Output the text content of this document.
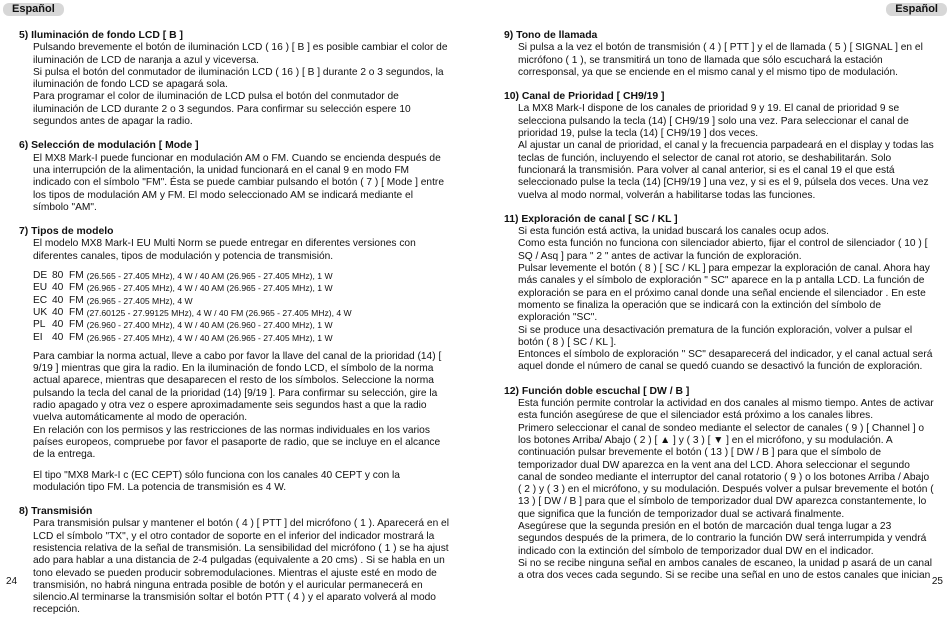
Español
5) Iluminación de fondo LCD [ B ]

Pulsando brevemente el botón de iluminación LCD ( 16 ) [ B ] es posible cambiar el color de iluminación de LCD de naranja a azul y viceversa.

Si pulsa el botón del conmutador de iluminación LCD ( 16 ) [ B ] durante 2 o 3 segundos, la iluminación de fondo LCD se apagará sola.

Para programar el color de iluminación de LCD pulsa el botón del conmutador de iluminación de LCD durante 2 o 3 segundos. Para confirmar su selección espere 10 segundos antes de apagar la radio.

6) Selección de modulación [ Mode ]

El MX8 Mark-I puede funcionar en modulación AM o FM. Cuando se encienda después de una interrupción de la alimentación, la unidad funcionará en el canal 9 en modo FM indicado con el símbolo "FM". Ésta se puede cambiar pulsando el botón ( 7 ) [ Mode ] entre los tipos de modulación AM y FM. El modo seleccionado AM se indicará mediante el símbolo "AM".

7) Tipos de modelo

El modelo MX8 Mark-I EU Multi Norm se puede entregar en diferentes versiones con diferentes canales, tipos de modulación y potencia de transmisión.

DE 80
FM
(26.565 - 27.405 MHz), 4 W / 40 AM (26.965 - 27.405 MHz), 1 W
EU 40
FM
(26.965 - 27.405 MHz), 4 W / 40 AM (26.965 - 27.405 MHz), 1 W
EC 40
FM
(26.965 - 27.405 MHz), 4 W
UK 40
FM
(27.60125 - 27.99125 MHz), 4 W / 40 FM (26.965 - 27.405 MHz), 4 W
PL 40
FM
(26.960 - 27.400 MHz), 4 W / 40 AM (26.960 - 27.400 MHz), 1 W
EI 40
FM
(26.965 - 27.405 MHz), 4 W / 40 AM (26.965 - 27.405 MHz), 1 W

Para cambiar la norma actual, lleve a cabo por favor la llave del canal de la prioridad (14) [ 9/19 ] mientras que gira la radio. En la iluminación de fondo LCD, el símbolo de la norma actual aparece, mientras que desaparecen el resto de los símbolos. Seleccione la norma pulsando la tecla del canal de la prioridad (14) [9/19 ]. Para confirmar su selección, gire la radio apagado y otra vez o espere aproximadamente seis segundos hast a que la radio vuelva automáticamente al modo de operación.

En relación con los permisos y las restricciones de las normas individuales en los varios países europeos, compruebe por favor el pasaporte de radio, que se incluye en el alcance de la entrega.

El tipo "MX8 Mark-I c (EC CEPT) sólo funciona con los canales 40 CEPT y con la modulación tipo FM. La potencia de transmisión es 4 W.

8) Transmisión

Para transmisión pulsar y mantener el botón ( 4 ) [ PTT ] del micrófono ( 1 ). Aparecerá en el LCD el símbolo "TX", y el otro contador de soporte en el inferior del indicador mostrará la resistencia relativa de la señal de transmisión. La sensibilidad del micrófono ( 1 ) se ha ajust ado para hablar a una distancia de 2-4 pulgadas (equivalente a 20 cms) . Si se habla en un tono elevado se pueden producir sobremodulaciones. Mientras el ajuste esté en modo de transmisión, no habrá ninguna entrada posible de botón y el auricular permanecerá en silencio.Al terminarse la transmisión soltar el botón PTT ( 4 ) y el aparato volverá al modo recepción.

24
Español
9) Tono de llamada

Si pulsa a la vez el botón de transmisión ( 4 ) [ PTT ] y el de llamada ( 5 ) [ SIGNAL ] en el micrófono ( 1 ), se transmitirá un tono de llamada que sólo escuchará la estación corresponsal, ya que se enciende en el mismo canal y el mismo tipo de modulación.

10) Canal de Prioridad [ CH9/19 ]

La MX8 Mark-I dispone de los canales de prioridad 9 y 19. El canal de prioridad 9 se selecciona pulsando la tecla (14) [ CH9/19 ] solo una vez. Para seleccionar el canal de prioridad 19, pulse la tecla (14) [ CH9/19 ] dos veces.

Al ajustar un canal de prioridad, el canal y la frecuencia parpadeará en el display y todas las teclas de función, incluyendo el selector de canal rot atorio, se deshabilitarán. Solo funcionará la transmisión. Para volver al canal anterior, si es el canal 19 el que está seleccionado pulse la tecla (14) [CH9/19 ] una vez, y si es el 9, púlsela dos veces. Una vez vuelva al modo normal, volverán a habilitarse todas las funciones.

11) Exploración de canal [ SC / KL ]

Si esta función está activa, la unidad buscará los canales ocup ados.

Como esta función no funciona con silenciador abierto, fijar el control de silenciador ( 10 ) [ SQ / Asq ] para " 2 " antes de activar la función de exploración.

Pulsar levemente el botón ( 8 ) [ SC / KL ] para empezar la exploración de canal. Ahora hay más canales y el símbolo de exploración " SC" aparece en la p antalla LCD. La función de exploración se para en el próximo canal donde una señal enciende el silenciador . En este momento se finaliza la operación que se indicará con la extinción del símbolo de exploración "SC".

Si se produce una desactivación prematura de la función exploración, volver a pulsar el botón ( 8 ) [ SC / KL ].

Entonces el símbolo de exploración " SC" desaparecerá del indicador, y el canal actual será aquel donde el número de canal se quedó cuando se desactivó la función de exploración.

12) Función doble escuchal [ DW / B ]

Esta función permite controlar la actividad en dos canales al mismo tiempo. Antes de activar esta función asegúrese de que el silenciador está próximo a los canales libres.

Primero seleccionar el canal de sondeo mediante el selector de canales ( 9 ) [ Channel ] o los botones Arriba/ Abajo ( 2 ) [ ▲ ] y ( 3 ) [ ▼ ] en el micrófono, y su modulación. A continuación pulsar brevemente el botón ( 13 ) [ DW / B ] para que el símbolo de temporizador dual DW aparezca en la vent ana del LCD. Ahora seleccionar el segundo canal de sondeo mediante el interruptor del canal rotatorio ( 9 ) o los botones Arriba / Abajo ( 2 ) y ( 3 ) en el micrófono, y su modulación. Después volver a pulsar brevemente el botón ( 13 ) [ DW / B ] para que el símbolo de temporizador dual DW aparezca constantemente, lo que significa que la función de temporizador dual se activará finalmente.

Asegúrese que la segunda presión en el botón de marcación dual tenga lugar a 23 segundos después de la primera, de lo contrario la función DW será interrumpida y vendrá indicado con la extinción del símbolo de temporizador dual DW en el indicador.

Si no se recibe ninguna señal en ambos canales de escaneo, la unidad p asará de un canal a otra dos veces cada segundo. Si se recibe una señal en uno de estos canales que inician

25
